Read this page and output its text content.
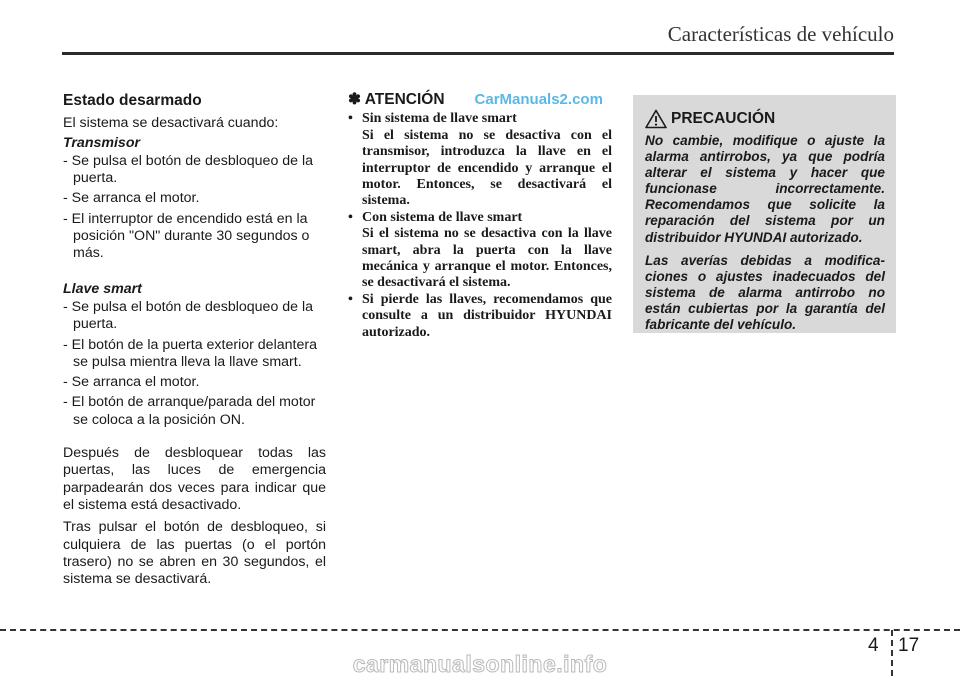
Características de vehículo
Estado desarmado

El sistema se desactivará cuando:

Transmisor

- Se pulsa el botón de desbloqueo de la puerta.
- Se arranca el motor.
- El interruptor de encendido está en la posición "ON" durante 30 segundos o más.

Llave smart

- Se pulsa el botón de desbloqueo de la puerta.
- El botón de la puerta exterior delantera se pulsa mientra lleva la llave smart.
- Se arranca el motor.
- El botón de arranque/parada del motor se coloca a la posición ON.

Después de desbloquear todas las puertas, las luces de emergencia parpadearán dos veces para indicar que el sistema está desactivado.

Tras pulsar el botón de desbloqueo, si culquiera de las puertas (o el portón trasero) no se abren en 30 segundos, el sistema se desactivará.

✽ ATENCIÓN CarManuals2.com
• Sin sistema de llave smart
Si el sistema no se desactiva con el transmisor, introduzca la llave en el interruptor de encendido y arranque el motor. Entonces, se desactivará el sistema.
• Con sistema de llave smart
Si el sistema no se desactiva con la llave smart, abra la puerta con la llave mecánica y arranque el motor. Entonces, se desactivará el sistema.
• Si pierde las llaves, recomendamos que consulte a un distribuidor HYUNDAI autorizado.
PRECAUCIÓN

No cambie, modifique o ajuste la alarma antirrobos, ya que podría alterar el sistema y hacer que funcionase incorrectamente. Recomendamos que solicite la reparación del sistema por un distribuidor HYUNDAI autorizado.

Las averías debidas a modifica-ciones o ajustes inadecuados del sistema de alarma antirrobo no están cubiertas por la garantía del fabricante del vehículo.

4 17
carmanualsonline.info
